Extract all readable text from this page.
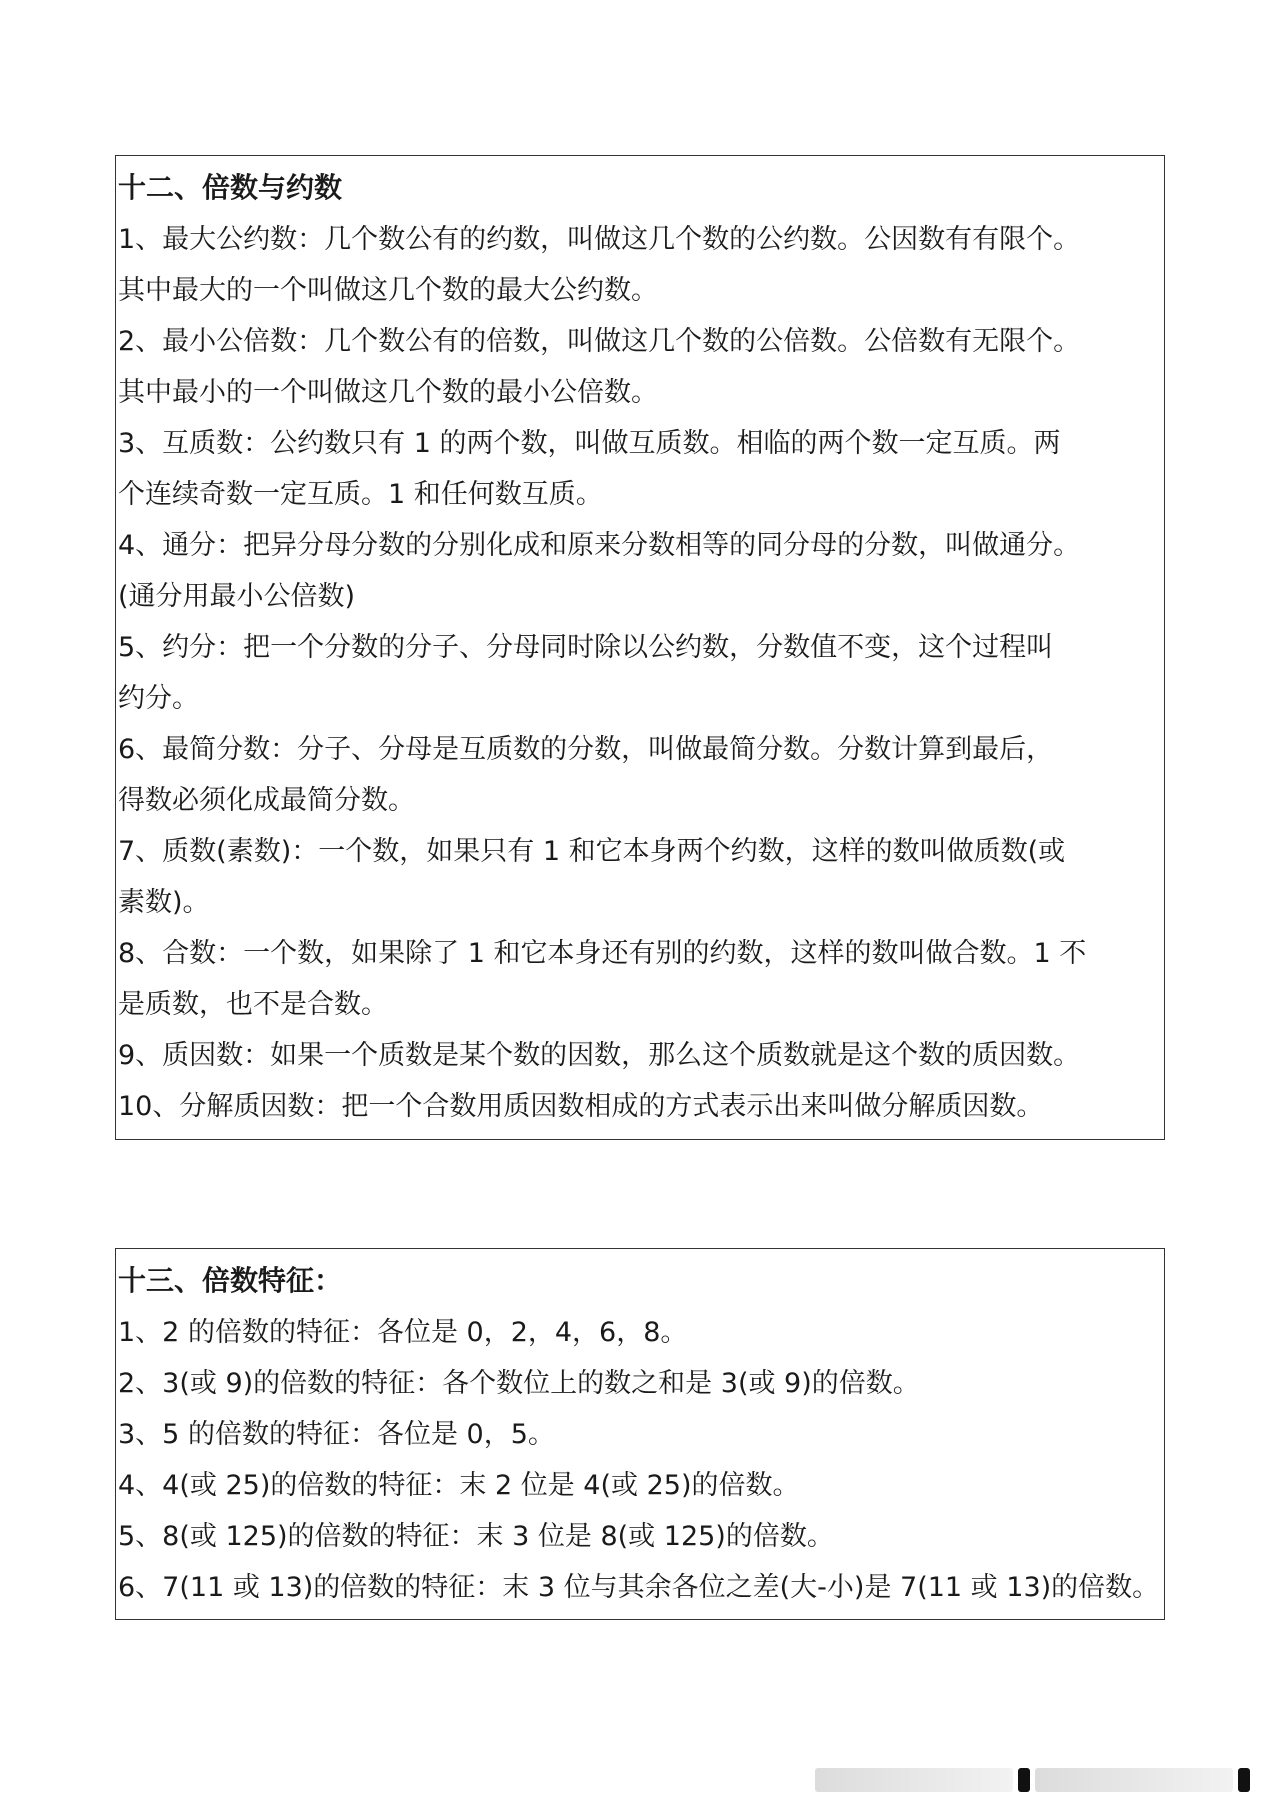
十二、倍数与约数
1、最大公约数：几个数公有的约数，叫做这几个数的公约数。公因数有有限个。
其中最大的一个叫做这几个数的最大公约数。
2、最小公倍数：几个数公有的倍数，叫做这几个数的公倍数。公倍数有无限个。
其中最小的一个叫做这几个数的最小公倍数。
3、互质数：公约数只有 1 的两个数，叫做互质数。相临的两个数一定互质。两
个连续奇数一定互质。1 和任何数互质。
4、通分：把异分母分数的分别化成和原来分数相等的同分母的分数，叫做通分。
(通分用最小公倍数)
5、约分：把一个分数的分子、分母同时除以公约数，分数值不变，这个过程叫
约分。
6、最简分数：分子、分母是互质数的分数，叫做最简分数。分数计算到最后，
得数必须化成最简分数。
7、质数(素数)：一个数，如果只有 1 和它本身两个约数，这样的数叫做质数(或
素数)。
8、合数：一个数，如果除了 1 和它本身还有别的约数，这样的数叫做合数。1 不
是质数，也不是合数。
9、质因数：如果一个质数是某个数的因数，那么这个质数就是这个数的质因数。
10、分解质因数：把一个合数用质因数相成的方式表示出来叫做分解质因数。
十三、倍数特征：
1、2 的倍数的特征：各位是 0，2，4，6，8。
2、3(或 9)的倍数的特征：各个数位上的数之和是 3(或 9)的倍数。
3、5 的倍数的特征：各位是 0，5。
4、4(或 25)的倍数的特征：末 2 位是 4(或 25)的倍数。
5、8(或 125)的倍数的特征：末 3 位是 8(或 125)的倍数。
6、7(11 或 13)的倍数的特征：末 3 位与其余各位之差(大-小)是 7(11 或 13)的倍数。
